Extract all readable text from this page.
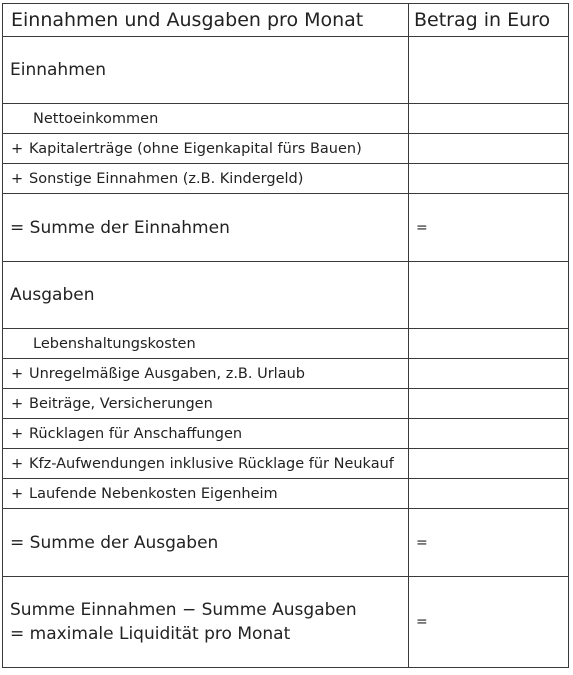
Einnahmen und Ausgaben pro Monat	Betrag in Euro
Einnahmen	
Nettoeinkommen	
+ Kapitalerträge (ohne Eigenkapital fürs Bauen)	
+ Sonstige Einnahmen (z.B. Kindergeld)	
= Summe der Einnahmen	=
Ausgaben	
Lebenshaltungskosten	
+ Unregelmäßige Ausgaben, z.B. Urlaub	
+ Beiträge, Versicherungen	
+ Rücklagen für Anschaffungen	
+ Kfz-Aufwendungen inklusive Rücklage für Neukauf	
+ Laufende Nebenkosten Eigenheim	
= Summe der Ausgaben	=

Summe Einnahmen − Summe Ausgaben
= maximale Liquidität pro Monat	=
